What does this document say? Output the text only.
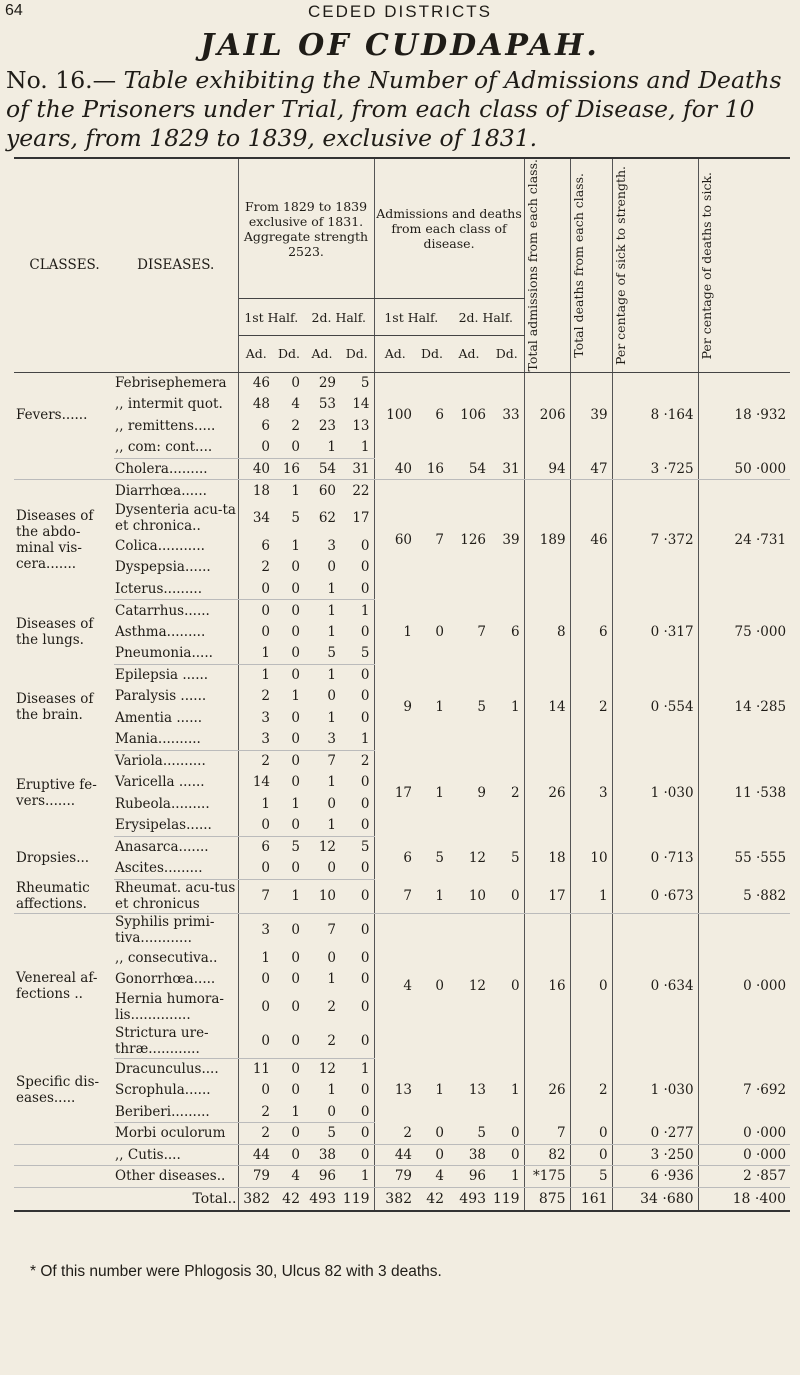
64	CEDED DISTRICTS
JAIL OF CUDDAPAH.
No. 16.— Table exhibiting the Number of Admissions and Deaths of the Prisoners under Trial, from each class of Disease, for 10 years, from 1829 to 1839, exclusive of 1831.
CLASSES.	DISEASES.	From 1829 to 1839 exclusive of 1831. Aggregate strength 2523.				Admissions and deaths from each class of disease.				Total admissions from each class.	Total deaths from each class.	Per centage of sick to strength.	Per centage of deaths to sick.

		1st Half.		2d. Half.		1st Half.		2d. Half.					
		Ad.	Dd.	Ad.	Dd.	Ad.	Dd.	Ad.	Dd.				
Fevers......	Febrisephemera	46	0	29	5	100	6	106	33	206	39	8 ·164	18 ·932
	,, intermit quot.	48	4	53	14								
	,, remittens.....	6	2	23	13								
	,, com: cont....	0	0	1	1								
	Cholera.........	40	16	54	31	40	16	54	31	94	47	3 ·725	50 ·000
Diseases of the abdo-minal vis-cera.......	Diarrhœa......	18	1	60	22	60	7	126	39	189	46	7 ·372	24 ·731
	Dysenteria acu-ta et chronica..	34	5	62	17								
	Colica...........	6	1	3	0								
	Dyspepsia......	2	0	0	0								
	Icterus.........	0	0	1	0								
Diseases of the lungs.	Catarrhus......	0	0	1	1	1	0	7	6	8	6	0 ·317	75 ·000
	Asthma.........	0	0	1	0								
	Pneumonia.....	1	0	5	5								
Diseases of the brain.	Epilepsia ......	1	0	1	0	9	1	5	1	14	2	0 ·554	14 ·285
	Paralysis ......	2	1	0	0								
	Amentia ......	3	0	1	0								
	Mania..........	3	0	3	1								
Eruptive fe-vers.......	Variola..........	2	0	7	2	17	1	9	2	26	3	1 ·030	11 ·538
	Varicella ......	14	0	1	0								
	Rubeola.........	1	1	0	0								
	Erysipelas......	0	0	1	0								
Dropsies...	Anasarca.......	6	5	12	5	6	5	12	5	18	10	0 ·713	55 ·555
	Ascites.........	0	0	0	0								
Rheumatic affections.	Rheumat. acu-tus et chronicus	7	1	10	0	7	1	10	0	17	1	0 ·673	5 ·882
Venereal af-fections ..	Syphilis primi-tiva............	3	0	7	0	4	0	12	0	16	0	0 ·634	0 ·000
	,, consecutiva..	1	0	0	0								
	Gonorrhœa.....	0	0	1	0								
	Hernia humora-lis..............	0	0	2	0								
	Strictura ure-thræ............	0	0	2	0								
Specific dis-eases.....	Dracunculus....	11	0	12	1	13	1	13	1	26	2	1 ·030	7 ·692
	Scrophula......	0	0	1	0								
	Beriberi.........	2	1	0	0								
	Morbi oculorum	2	0	5	0	2	0	5	0	7	0	0 ·277	0 ·000
	,, Cutis....	44	0	38	0	44	0	38	0	82	0	3 ·250	0 ·000
	Other diseases..	79	4	96	1	79	4	96	1	*175	5	6 ·936	2 ·857
	Total..	382	42	493	119	382	42	493	119	875	161	34 ·680	18 ·400
* Of this number were Phlogosis 30, Ulcus 82 with 3 deaths.
